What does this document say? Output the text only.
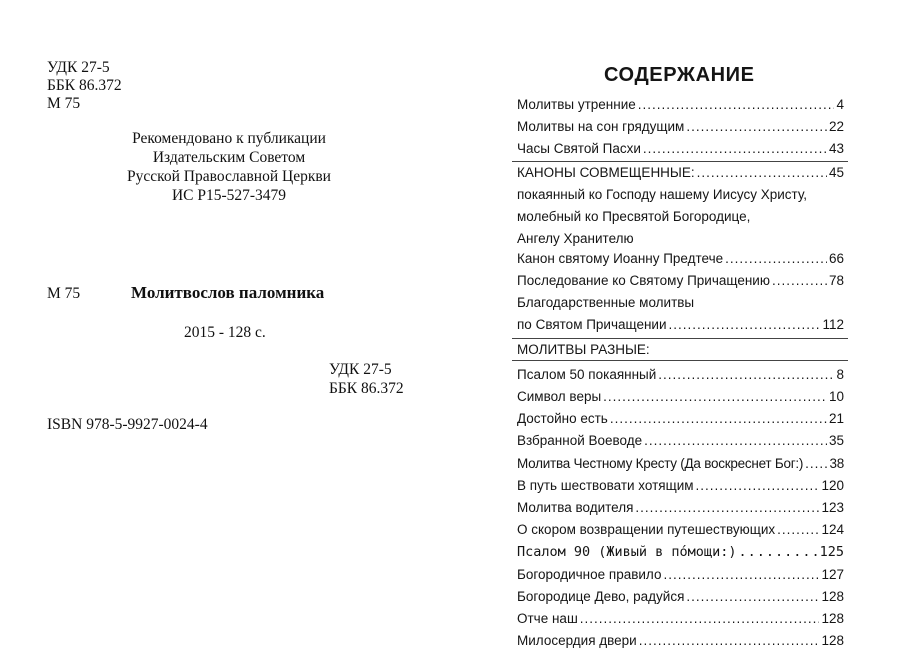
УДК 27-5
ББК 86.372
М 75
Рекомендовано к публикации
Издательским Советом
Русской Православной Церкви
ИС Р15-527-3479
М 75	Молитвослов паломника
2015 - 128 с.
УДК 27-5
ББК 86.372
ISBN 978-5-9927-0024-4
СОДЕРЖАНИЕ
Молитвы утренние .....	4
Молитвы на сон грядущим .....	22
Часы Святой Пасхи .....	43
КАНОНЫ СОВМЕЩЕННЫЕ: .....	45
покаянный ко Господу нашему Иисусу Христу,
молебный ко Пресвятой Богородице,
Ангелу Хранителю
Канон святому Иоанну Предтече .....	66
Последование ко Святому Причащению .....	78
Благодарственные молитвы
по Святом Причащении .....	112
МОЛИТВЫ РАЗНЫЕ:
Псалом 50 покаянный .....	8
Символ веры .....	10
Достойно есть .....	21
Взбранной Воеводе .....	35
Молитва Честному Кресту (Да воскреснет Бог:) ..... 38
В путь шествовати хотящим .....	120
Молитва водителя .....	123
О скором возвращении путешествующих .....	124
Псалом 90 (Живый в по́мощи:) .....	125
Богородичное правило .....	127
Богородице Дево, радуйся .....	128
Отче наш .....	128
Милосердия двери .....	128
